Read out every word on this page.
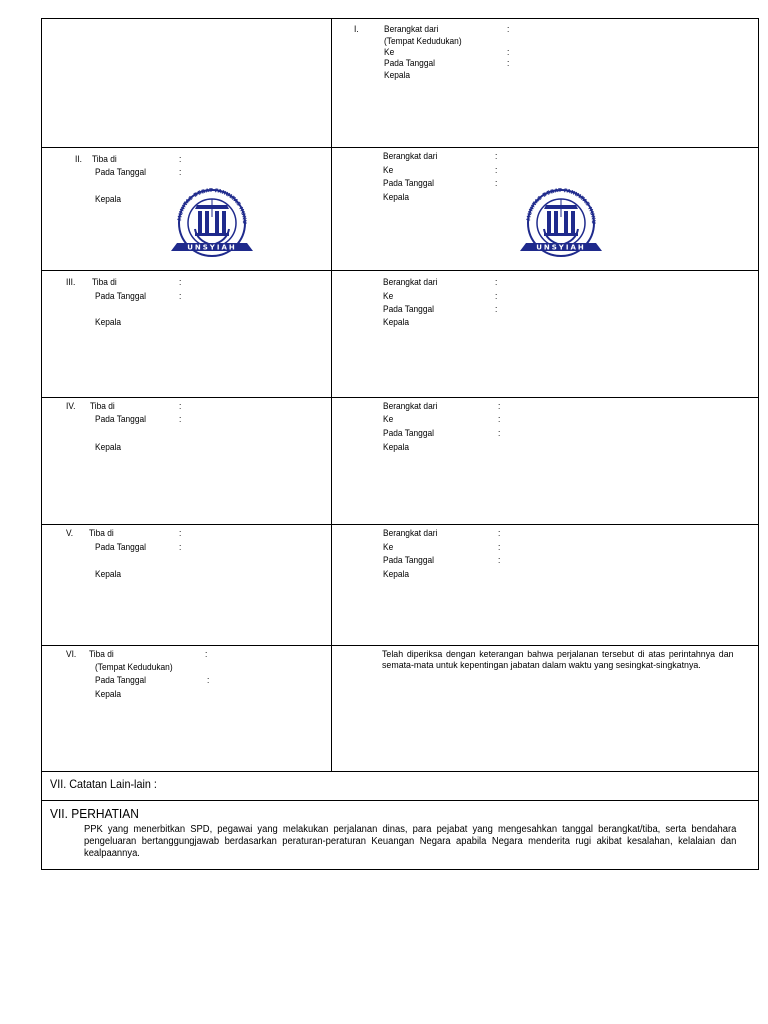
I.	Berangkat dari	:
(Tempat Kedudukan)
Ke	:
Pada Tanggal	:
Kepala
II. Tiba di	:
Pada Tanggal	:
Kepala
Berangkat dari	:
Ke	:
Pada Tanggal	:
Kepala
MUNITAS DEBAT FAKULTAS HUKU
UNSYIAH
MUNITAS DEBAT FAKULTAS HUKU
UNSYIAH
III. Tiba di	:
Pada Tanggal	:
Kepala
Berangkat dari	:
Ke	:
Pada Tanggal	:
Kepala
IV. Tiba di	:
Pada Tanggal	:
Kepala
Berangkat dari	:
Ke	:
Pada Tanggal	:
Kepala
V. Tiba di	:
Pada Tanggal	:
Kepala
Berangkat dari	:
Ke	:
Pada Tanggal	:
Kepala
VI. Tiba di	:
(Tempat Kedudukan)
Pada Tanggal	:
Kepala
Telah diperiksa dengan keterangan bahwa perjalanan tersebut di atas perintahnya dan semata-mata untuk kepentingan jabatan dalam waktu yang sesingkat-singkatnya.
VII. Catatan Lain-lain :
VII. PERHATIAN
PPK yang menerbitkan SPD, pegawai yang melakukan perjalanan dinas, para pejabat yang mengesahkan tanggal berangkat/tiba, serta bendahara pengeluaran bertanggungjawab berdasarkan peraturan-peraturan Keuangan Negara apabila Negara menderita rugi akibat kesalahan, kelalaian dan kealpaannya.
